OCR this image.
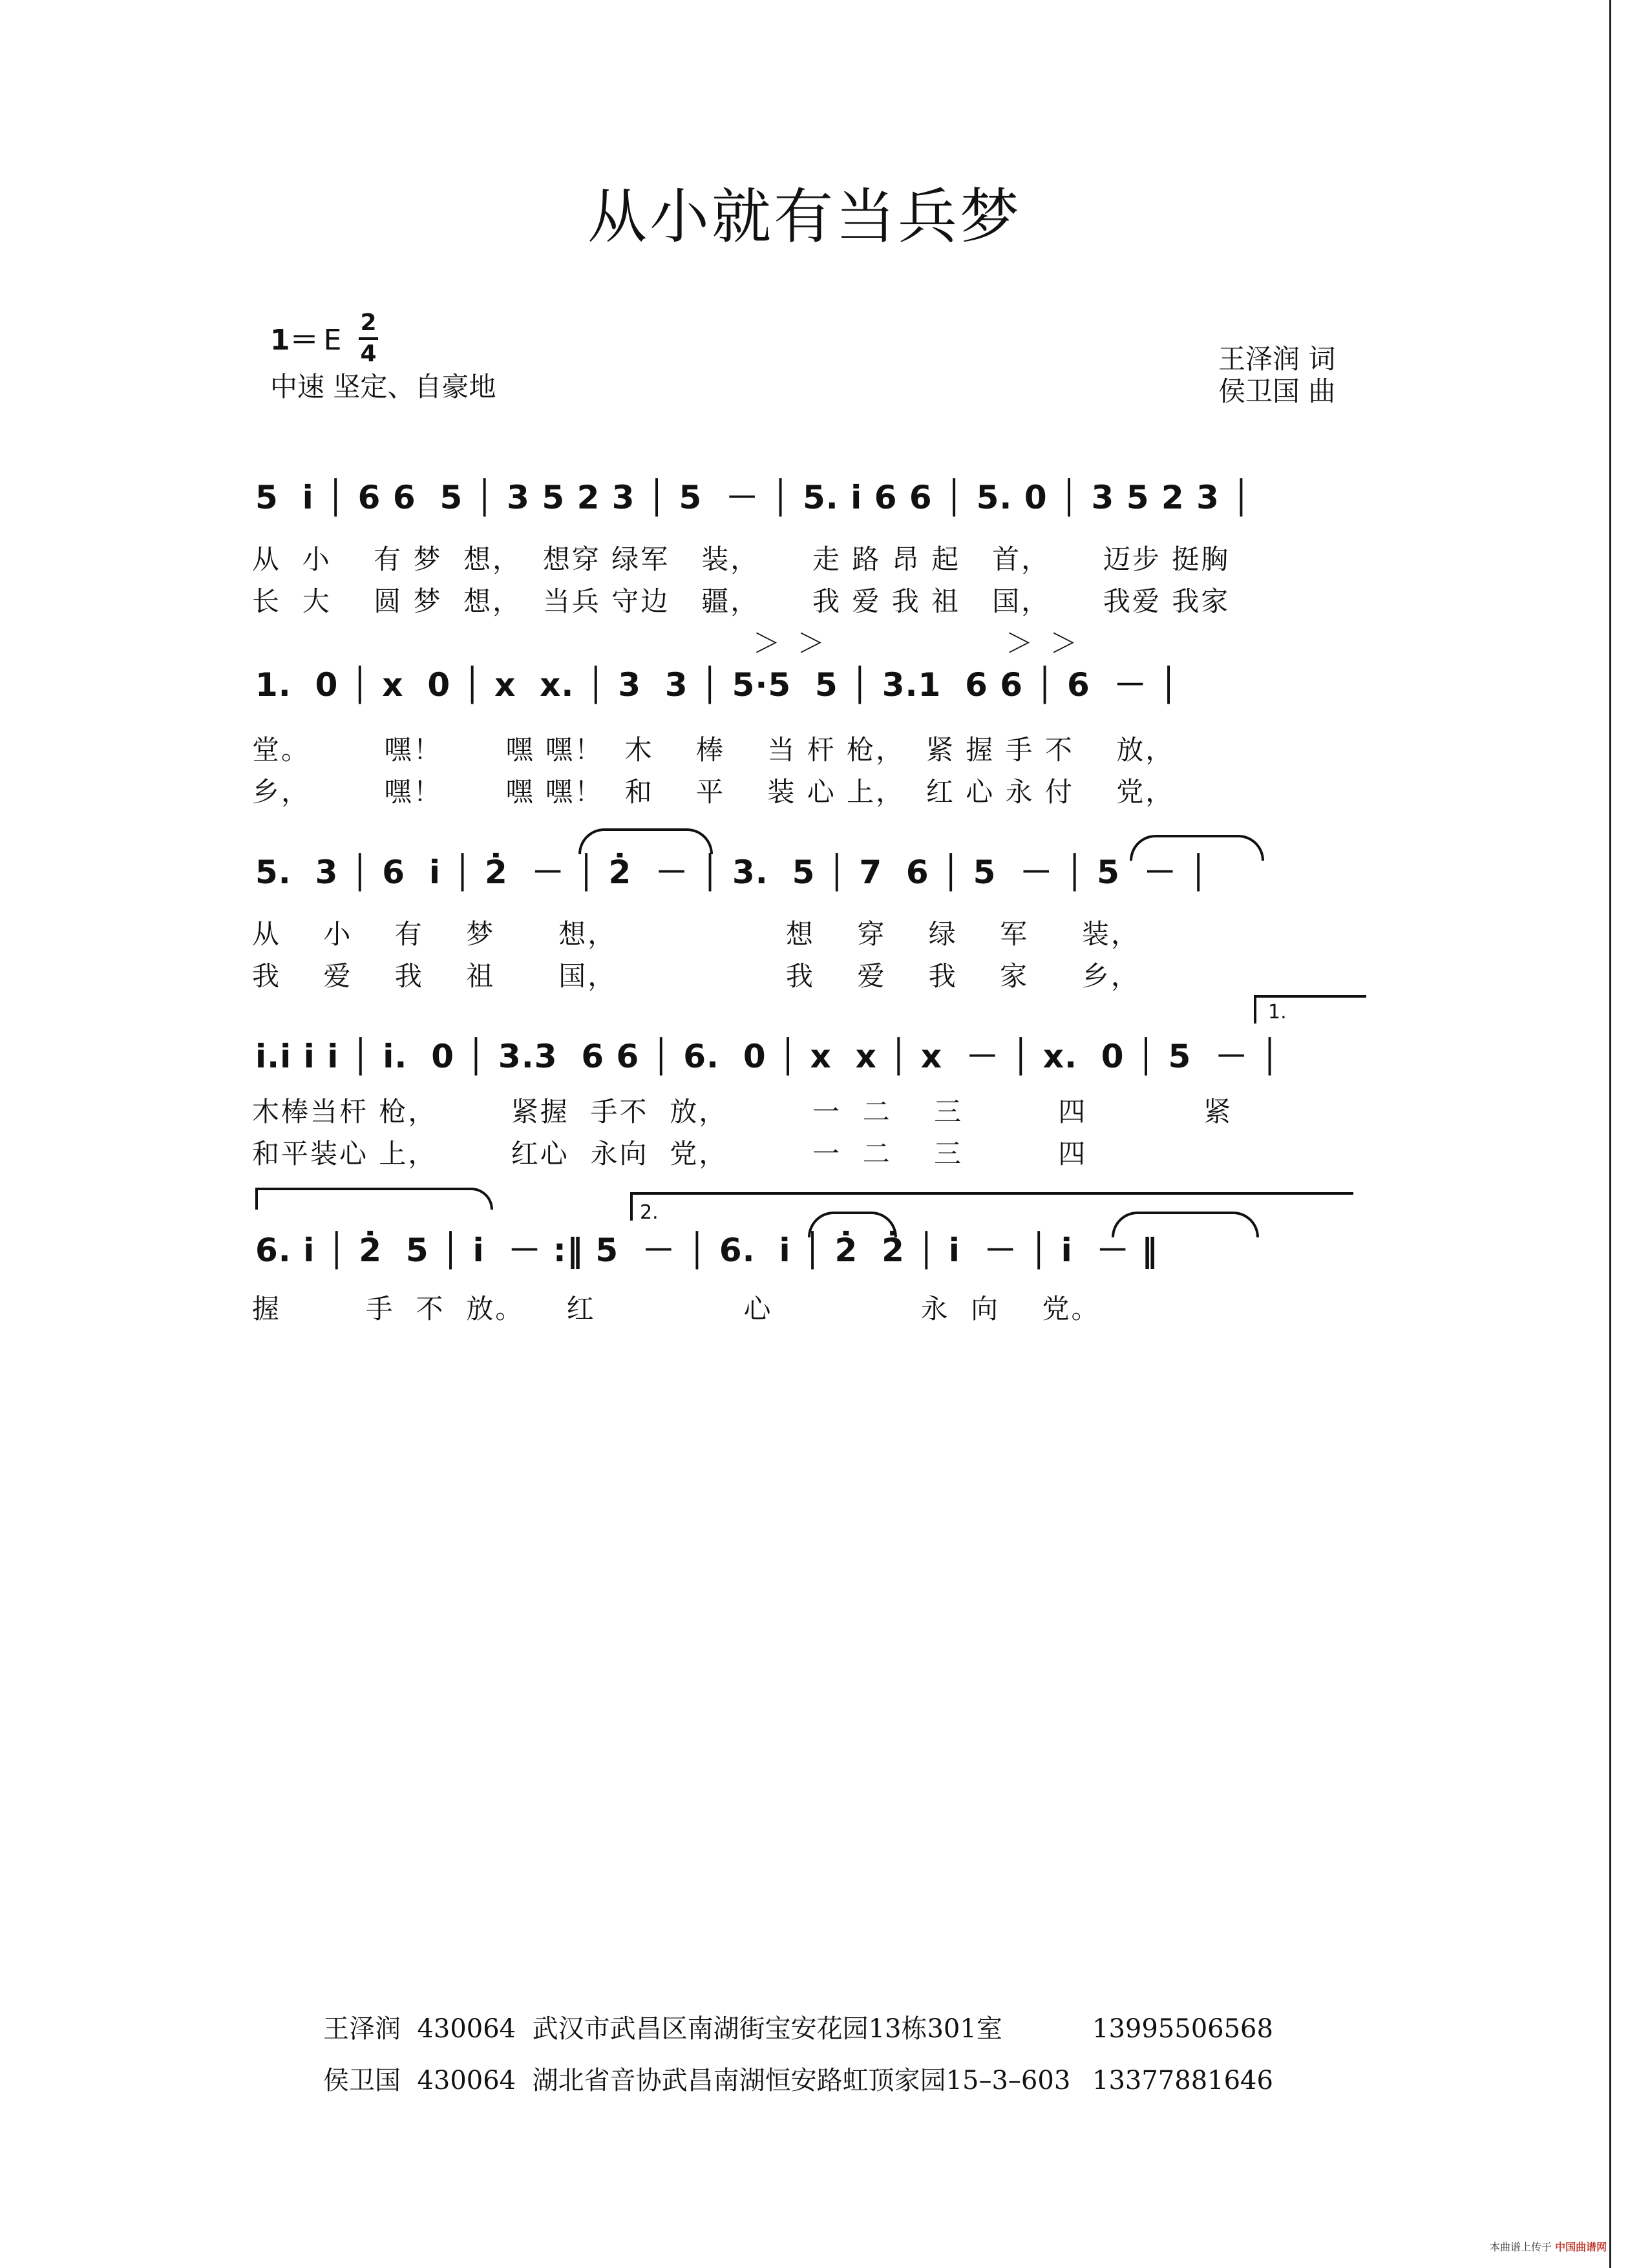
从小就有当兵梦
1＝ E
2
4
中速 坚定、自豪地
王泽润 词
侯卫国 曲
5  i̇ │ 6 6  5 │ 3 5 2 3 │ 5  － │ 5. i̇ 6 6 │ 5. 0 │ 3 5 2 3 │
从  小    有 梦  想，  想穿 绿军   装，     走 路 昂 起   首，     迈步 挺胸
长  大    圆 梦  想，  当兵 守边   疆，     我 爱 我 祖   国，     我爱 我家
＞  ＞                     ＞  ＞
1.  0 │ x  0 │ x  x. │ 3  3 │ 5·5  5 │ 3.1  6 6 │ 6  － │
堂。       嘿！      嘿 嘿！  木    棒    当 杆 枪，  紧 握 手 不    放，
乡，       嘿！      嘿 嘿！  和    平    装 心 上，  红 心 永 付    党，
5.  3 │ 6  i̇ │ 2̇  － │ 2̇  － │ 3.  5 │ 7  6 │ 5  － │ 5  － │
从    小    有    梦      想，                想    穿    绿    军     装，
我    爱    我    祖      国，                我    爱    我    家     乡，
1.
i̇.i̇ i̇ i̇ │ i̇.  0 │ 3.3  6 6 │ 6.  0 │ x  x │ x  － │ x.  0 │ 5  － │
木棒当杆 枪，       紧握  手不  放，        一  二    三         四           紧
和平装心 上，       红心  永向  党，        一  二    三         四
2.
6. i̇ │ 2̇  5 │ i̇  － :‖ 5  － │ 6.  i̇ │ 2̇  2̇ │ i̇  － │ i̇  － ‖
握        手  不  放。    红              心              永  向    党。
王泽润 430064 武汉市武昌区南湖街宝安花园13栋301室	13995506568
侯卫国 430064 湖北省音协武昌南湖恒安路虹顶家园15–3–603 13377881646
本曲谱上传于 中国曲谱网
